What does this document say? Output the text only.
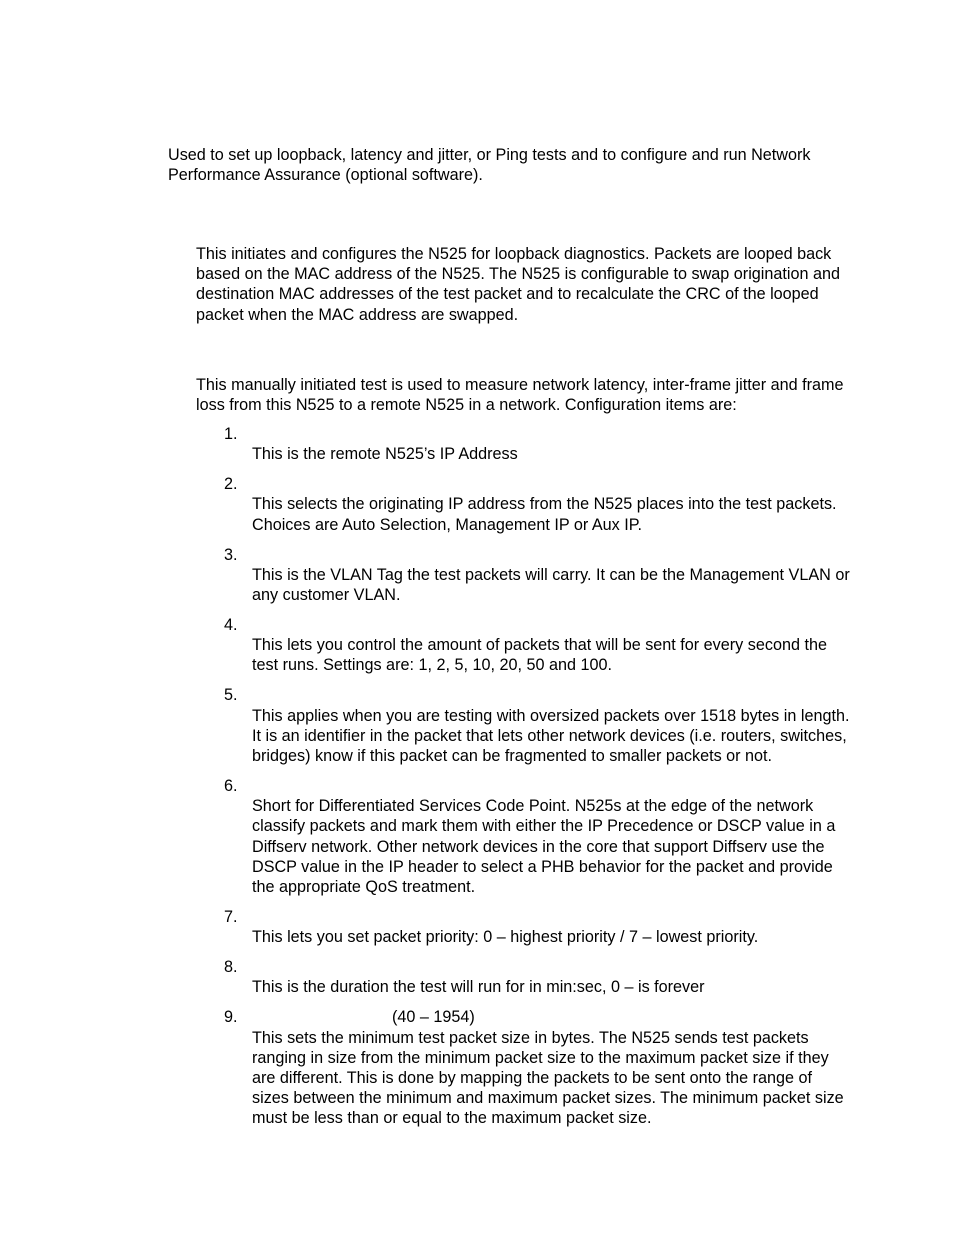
Used to set up loopback, latency and jitter, or Ping tests and to configure and run Network Performance Assurance (optional software).

This initiates and configures the N525 for loopback diagnostics. Packets are looped back based on the MAC address of the N525. The N525 is configurable to swap origination and destination MAC addresses of the test packet and to recalculate the CRC of the looped packet when the MAC address are swapped.

This manually initiated test is used to measure network latency, inter-frame jitter and frame loss from this N525 to a remote N525 in a network. Configuration items are:

1.
This is the remote N525’s IP Address
2.
This selects the originating IP address from the N525 places into the test packets. Choices are Auto Selection, Management IP or Aux IP.
3.
This is the VLAN Tag the test packets will carry. It can be the Management VLAN or any customer VLAN.
4.
This lets you control the amount of packets that will be sent for every second the test runs. Settings are: 1, 2, 5, 10, 20, 50 and 100.
5.
This applies when you are testing with oversized packets over 1518 bytes in length. It is an identifier in the packet that lets other network devices (i.e. routers, switches, bridges) know if this packet can be fragmented to smaller packets or not.
6.
Short for Differentiated Services Code Point. N525s at the edge of the network classify packets and mark them with either the IP Precedence or DSCP value in a Diffserv network. Other network devices in the core that support Diffserv use the DSCP value in the IP header to select a PHB behavior for the packet and provide the appropriate QoS treatment.
7.
This lets you set packet priority: 0 – highest priority / 7 – lowest priority.
8.
This is the duration the test will run for in min:sec, 0 – is forever
9.	(40 – 1954)
This sets the minimum test packet size in bytes. The N525 sends test packets ranging in size from the minimum packet size to the maximum packet size if they are different. This is done by mapping the packets to be sent onto the range of sizes between the minimum and maximum packet sizes. The minimum packet size must be less than or equal to the maximum packet size.
